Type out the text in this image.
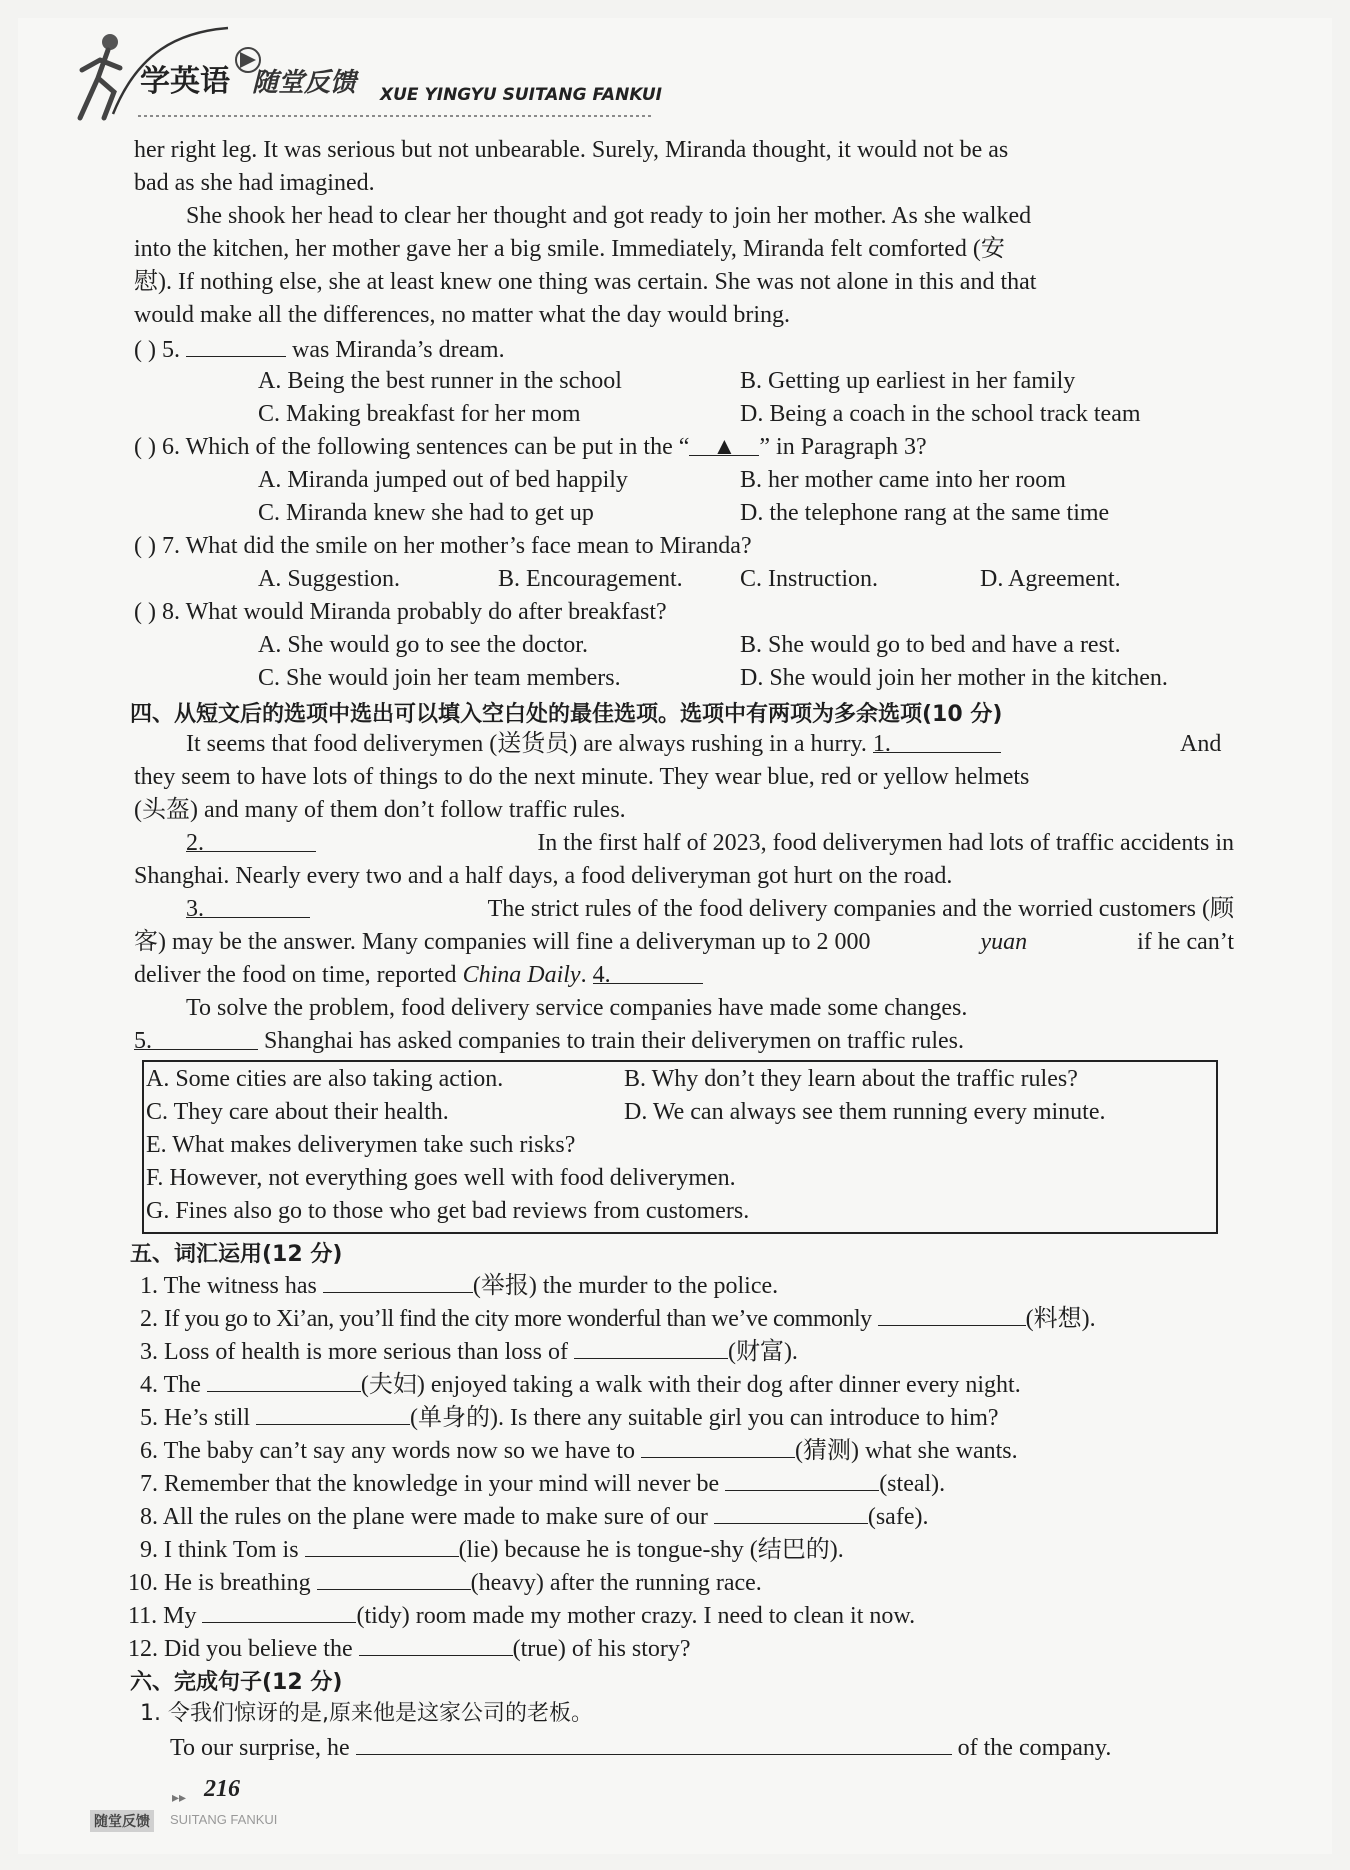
学英语 随堂反馈 XUE YINGYU SUITANG FANKUI
her right leg. It was serious but not unbearable. Surely, Miranda thought, it would not be as
bad as she had imagined.
She shook her head to clear her thought and got ready to join her mother. As she walked
into the kitchen, her mother gave her a big smile. Immediately, Miranda felt comforted (安
慰). If nothing else, she at least knew one thing was certain. She was not alone in this and that
would make all the differences, no matter what the day would bring.
( ) 5.	was Miranda’s dream.
A. Being the best runner in the school	B. Getting up earliest in her family
C. Making breakfast for her mom	D. Being a coach in the school track team
( ) 6. Which of the following sentences can be put in the “ ▲ ” in Paragraph 3?
A. Miranda jumped out of bed happily	B. her mother came into her room
C. Miranda knew she had to get up	D. the telephone rang at the same time
( ) 7. What did the smile on her mother’s face mean to Miranda?
A. Suggestion.	B. Encouragement. C. Instruction.	D. Agreement.
( ) 8. What would Miranda probably do after breakfast?
A. She would go to see the doctor.	B. She would go to bed and have a rest.
C. She would join her team members.	D. She would join her mother in the kitchen.
四、从短文后的选项中选出可以填入空白处的最佳选项。选项中有两项为多余选项(10 分)
It seems that food deliverymen (送货员) are always rushing in a hurry. 1.	And
they seem to have lots of things to do the next minute. They wear blue, red or yellow helmets
(头盔) and many of them don’t follow traffic rules.
2.	In the first half of 2023, food deliverymen had lots of traffic accidents in
Shanghai. Nearly every two and a half days, a food deliveryman got hurt on the road.
3.	The strict rules of the food delivery companies and the worried customers (顾
客) may be the answer. Many companies will fine a deliveryman up to 2 000	yuan	if he can’t
deliver the food on time, reported China Daily. 4.
To solve the problem, food delivery service companies have made some changes.
5.	Shanghai has asked companies to train their deliverymen on traffic rules.
A. Some cities are also taking action.	B. Why don’t they learn about the traffic rules?
C. They care about their health.	D. We can always see them running every minute.
E. What makes deliverymen take such risks?
F. However, not everything goes well with food deliverymen.
G. Fines also go to those who get bad reviews from customers.
五、词汇运用(12 分)
1. The witness has	(举报) the murder to the police.
2. If you go to Xi’an, you’ll find the city more wonderful than we’ve commonly	(料想).
3. Loss of health is more serious than loss of	(财富).
4. The	(夫妇) enjoyed taking a walk with their dog after dinner every night.
5. He’s still	(单身的). Is there any suitable girl you can introduce to him?
6. The baby can’t say any words now so we have to	(猜测) what she wants.
7. Remember that the knowledge in your mind will never be	(steal).
8. All the rules on the plane were made to make sure of our	(safe).
9. I think Tom is	(lie) because he is tongue-shy (结巴的).
10. He is breathing	(heavy) after the running race.
11. My	(tidy) room made my mother crazy. I need to clean it now.
12. Did you believe the	(true) of his story?
六、完成句子(12 分)
1. 令我们惊讶的是,原来他是这家公司的老板。
To our surprise, he	of the company.
▸▸ 216
随堂反馈	SUITANG FANKUI
